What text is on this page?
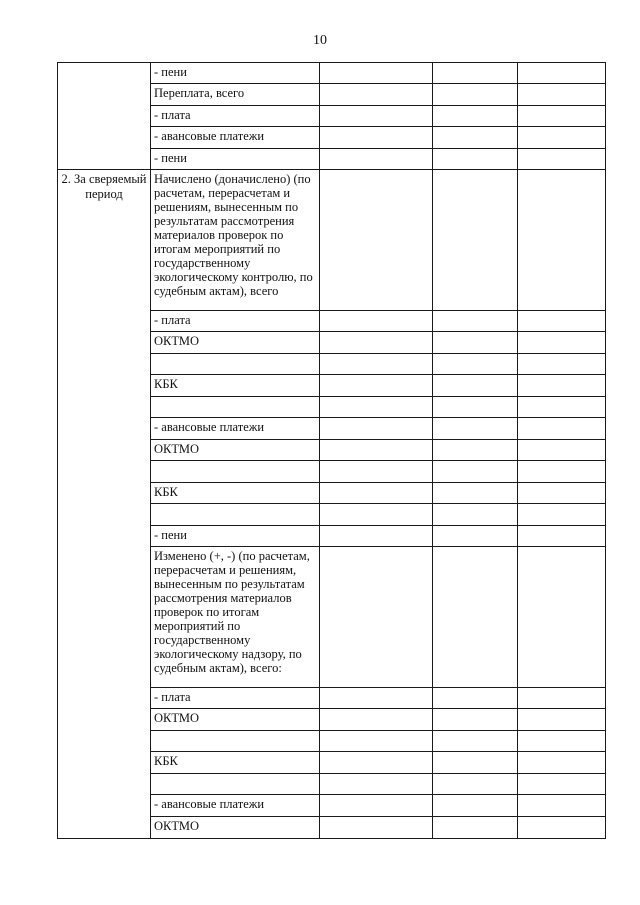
10
	- пени			
	Переплата, всего			
	- плата			
	- авансовые платежи			
	- пени			
2. За сверяемый период	Начислено (доначислено) (по расчетам, перерасчетам и решениям, вынесенным по результатам рассмотрения материалов проверок по итогам мероприятий по государственному экологическому контролю, по судебным актам), всего			
	- плата			
	ОКТМО			

	КБК			

	- авансовые платежи			
	ОКТМО			

	КБК			

	- пени			
	Изменено (+, -) (по расчетам, перерасчетам и решениям, вынесенным по результатам рассмотрения материалов проверок по итогам мероприятий по государственному экологическому надзору, по судебным актам), всего:			
	- плата			
	ОКТМО			

	КБК			

	- авансовые платежи			
	ОКТМО			
